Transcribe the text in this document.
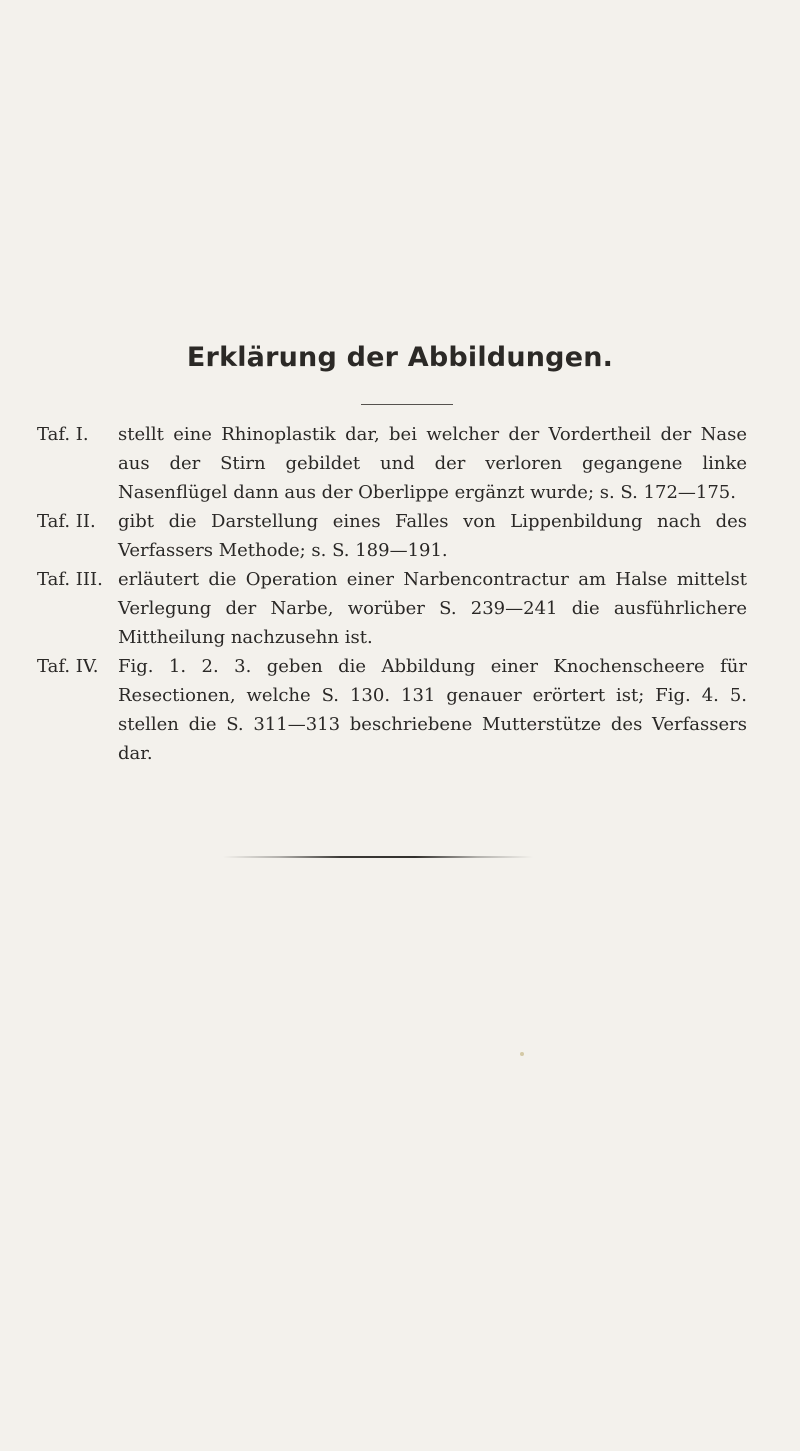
Erklärung der Abbildungen.
Taf. I. stellt eine Rhinoplastik dar, bei welcher der Vordertheil der Nase aus der Stirn gebildet und der verloren gegangene linke Nasenflügel dann aus der Oberlippe ergänzt wurde; s. S. 172—175.
Taf. II. gibt die Darstellung eines Falles von Lippenbildung nach des Verfassers Methode; s. S. 189—191.
Taf. III. erläutert die Operation einer Narbencontractur am Halse mittelst Verlegung der Narbe, worüber S. 239—241 die ausführlichere Mittheilung nachzusehn ist.
Taf. IV. Fig. 1. 2. 3. geben die Abbildung einer Knochenscheere für Resectionen, welche S. 130. 131 genauer erörtert ist; Fig. 4. 5. stellen die S. 311—313 beschriebene Mutterstütze des Verfassers dar.
